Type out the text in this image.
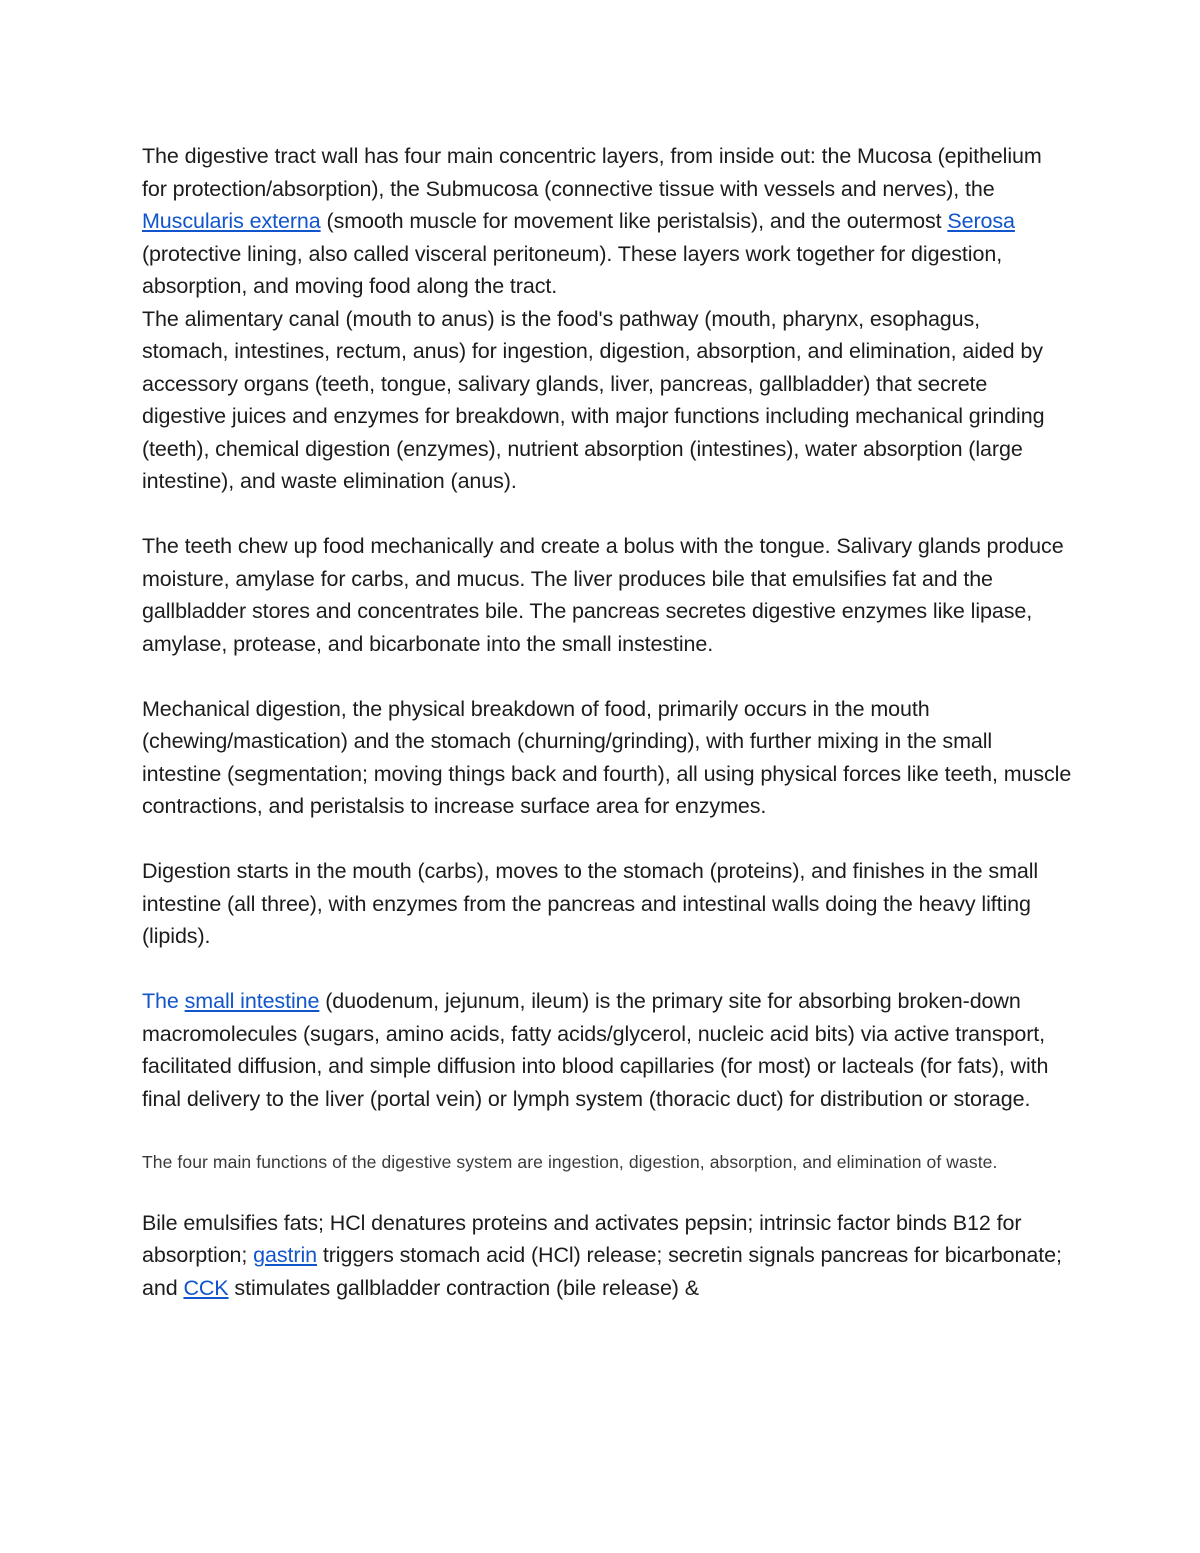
The digestive tract wall has four main concentric layers, from inside out: the Mucosa (epithelium for protection/absorption), the Submucosa (connective tissue with vessels and nerves), the Muscularis externa (smooth muscle for movement like peristalsis), and the outermost Serosa (protective lining, also called visceral peritoneum). These layers work together for digestion, absorption, and moving food along the tract.

The alimentary canal (mouth to anus) is the food's pathway (mouth, pharynx, esophagus, stomach, intestines, rectum, anus) for ingestion, digestion, absorption, and elimination, aided by accessory organs (teeth, tongue, salivary glands, liver, pancreas, gallbladder) that secrete digestive juices and enzymes for breakdown, with major functions including mechanical grinding (teeth), chemical digestion (enzymes), nutrient absorption (intestines), water absorption (large intestine), and waste elimination (anus).

The teeth chew up food mechanically and create a bolus with the tongue. Salivary glands produce moisture, amylase for carbs, and mucus. The liver produces bile that emulsifies fat and the gallbladder stores and concentrates bile. The pancreas secretes digestive enzymes like lipase, amylase, protease, and bicarbonate into the small instestine.

Mechanical digestion, the physical breakdown of food, primarily occurs in the mouth (chewing/mastication) and the stomach (churning/grinding), with further mixing in the small intestine (segmentation; moving things back and fourth), all using physical forces like teeth, muscle contractions, and peristalsis to increase surface area for enzymes.

Digestion starts in the mouth (carbs), moves to the stomach (proteins), and finishes in the small intestine (all three), with enzymes from the pancreas and intestinal walls doing the heavy lifting (lipids).

The small intestine (duodenum, jejunum, ileum) is the primary site for absorbing broken-down macromolecules (sugars, amino acids, fatty acids/glycerol, nucleic acid bits) via active transport, facilitated diffusion, and simple diffusion into blood capillaries (for most) or lacteals (for fats), with final delivery to the liver (portal vein) or lymph system (thoracic duct) for distribution or storage.

The four main functions of the digestive system are ingestion, digestion, absorption, and elimination of waste.

Bile emulsifies fats; HCl denatures proteins and activates pepsin; intrinsic factor binds B12 for absorption; gastrin triggers stomach acid (HCl) release; secretin signals pancreas for bicarbonate; and CCK stimulates gallbladder contraction (bile release) &
